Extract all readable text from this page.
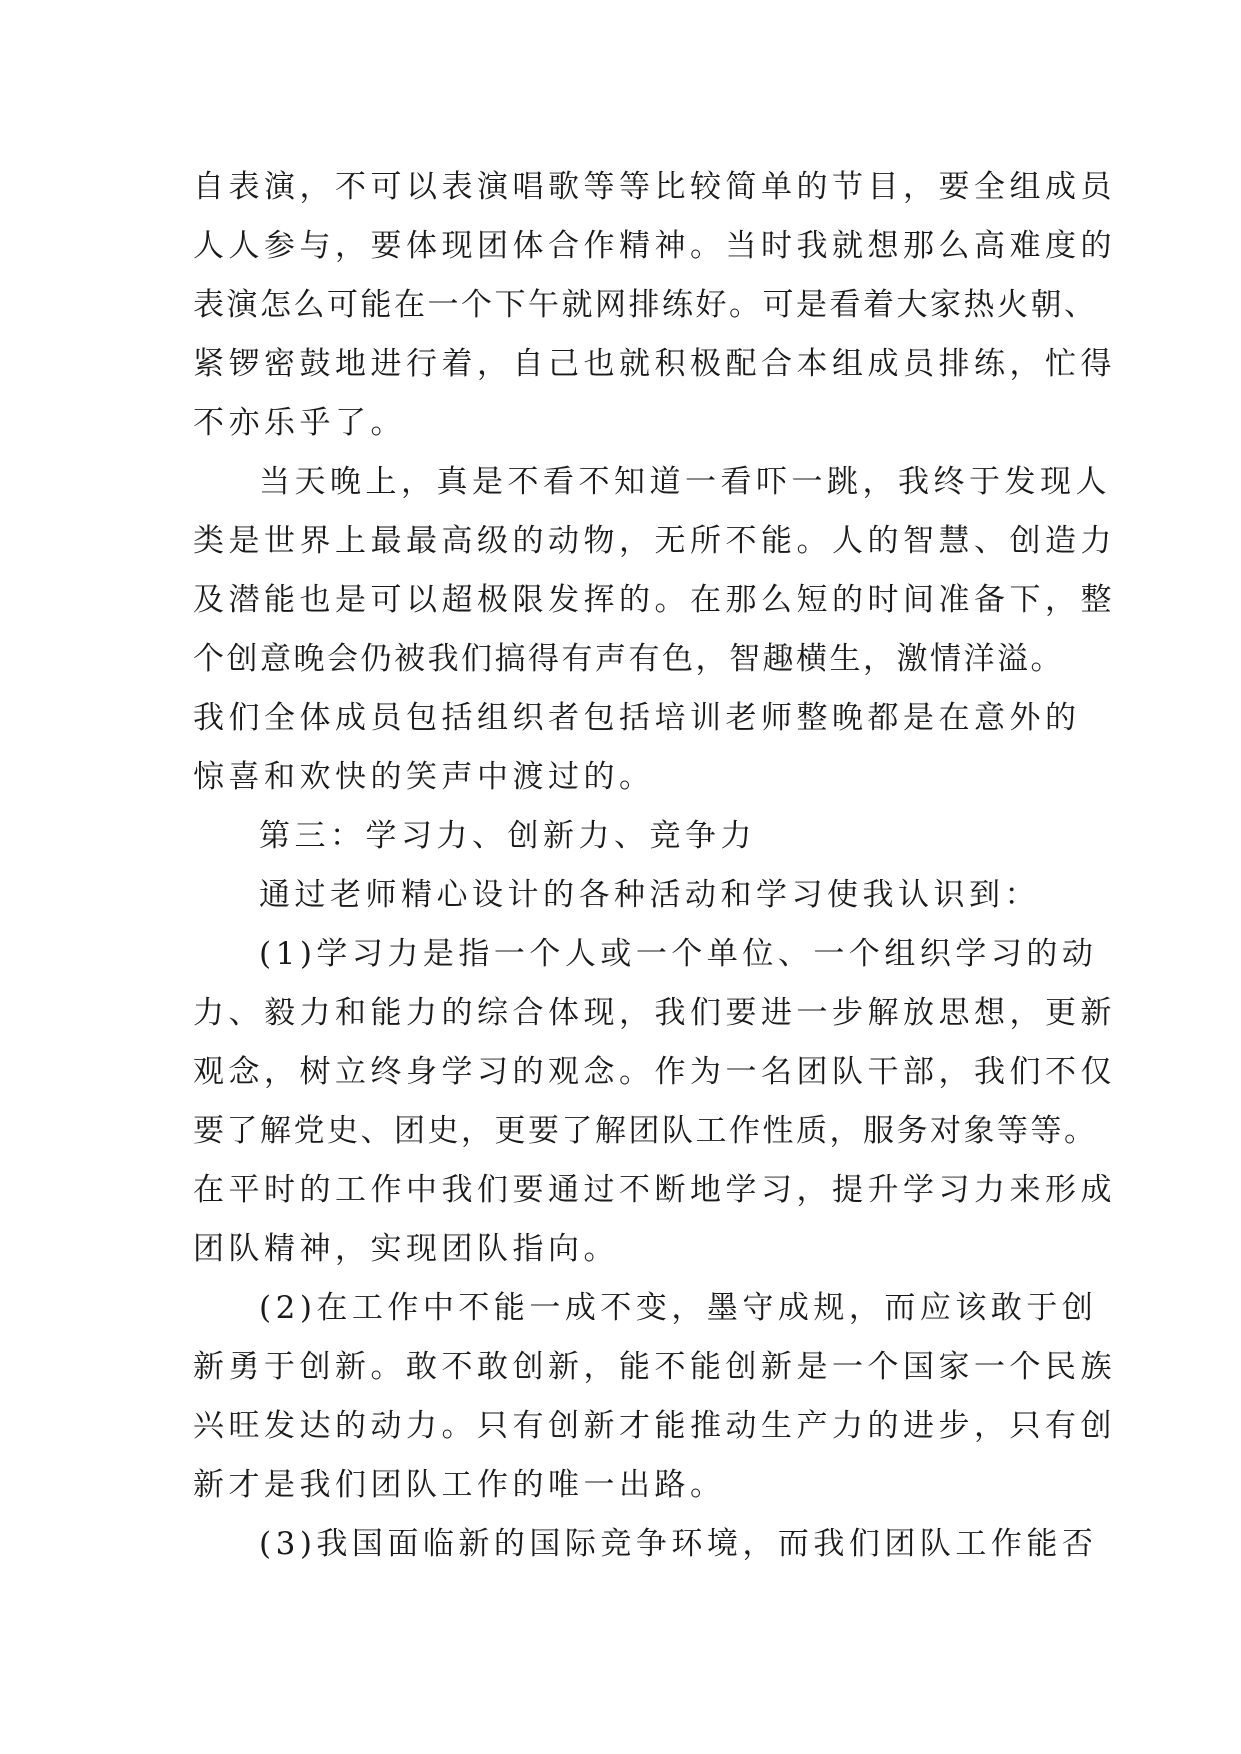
自表演，不可以表演唱歌等等比较简单的节目，要全组成员
人人参与，要体现团体合作精神。当时我就想那么高难度的
表演怎么可能在一个下午就网排练好。可是看着大家热火朝、
紧锣密鼓地进行着，自己也就积极配合本组成员排练，忙得
不亦乐乎了。
当天晚上，真是不看不知道一看吓一跳，我终于发现人
类是世界上最最高级的动物，无所不能。人的智慧、创造力
及潜能也是可以超极限发挥的。在那么短的时间准备下，整
个创意晚会仍被我们搞得有声有色，智趣横生，激情洋溢。
我们全体成员包括组织者包括培训老师整晚都是在意外的
惊喜和欢快的笑声中渡过的。
第三：学习力、创新力、竞争力
通过老师精心设计的各种活动和学习使我认识到：
(1)学习力是指一个人或一个单位、一个组织学习的动
力、毅力和能力的综合体现，我们要进一步解放思想，更新
观念，树立终身学习的观念。作为一名团队干部，我们不仅
要了解党史、团史，更要了解团队工作性质，服务对象等等。
在平时的工作中我们要通过不断地学习，提升学习力来形成
团队精神，实现团队指向。
(2)在工作中不能一成不变，墨守成规，而应该敢于创
新勇于创新。敢不敢创新，能不能创新是一个国家一个民族
兴旺发达的动力。只有创新才能推动生产力的进步，只有创
新才是我们团队工作的唯一出路。
(3)我国面临新的国际竞争环境，而我们团队工作能否
